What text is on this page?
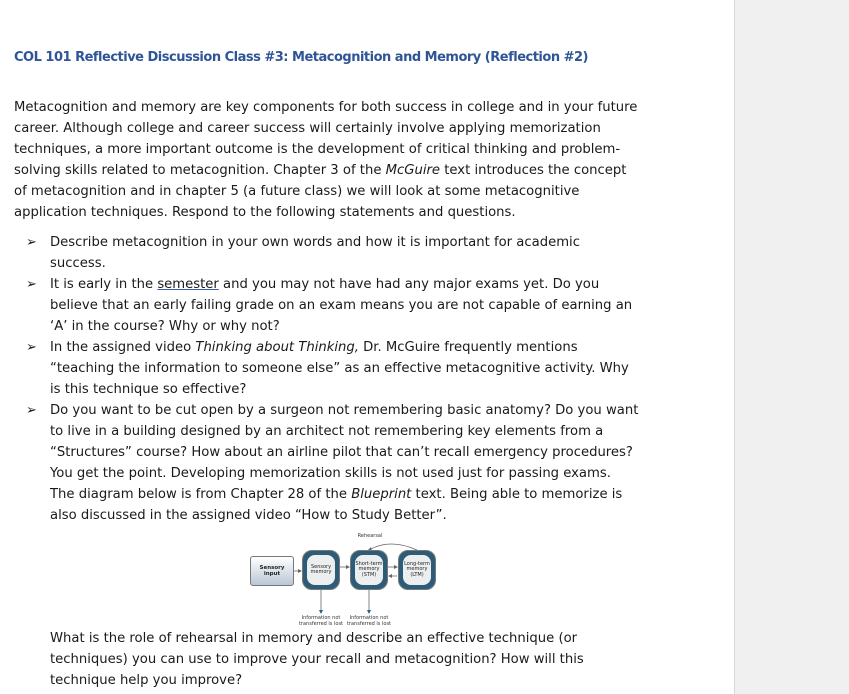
COL 101 Reflective Discussion Class #3: Metacognition and Memory (Reflection #2)

Metacognition and memory are key components for both success in college and in your future career. Although college and career success will certainly involve applying memorization techniques, a more important outcome is the development of critical thinking and problem-solving skills related to metacognition. Chapter 3 of the McGuire text introduces the concept of metacognition and in chapter 5 (a future class) we will look at some metacognitive application techniques. Respond to the following statements and questions.

➢ Describe metacognition in your own words and how it is important for academic success.
➢ It is early in the semester and you may not have had any major exams yet. Do you believe that an early failing grade on an exam means you are not capable of earning an ‘A’ in the course? Why or why not?
➢ In the assigned video Thinking about Thinking, Dr. McGuire frequently mentions “teaching the information to someone else” as an effective metacognitive activity. Why is this technique so effective?
➢ Do you want to be cut open by a surgeon not remembering basic anatomy? Do you want to live in a building designed by an architect not remembering key elements from a “Structures” course? How about an airline pilot that can’t recall emergency procedures? You get the point. Developing memorization skills is not used just for passing exams. The diagram below is from Chapter 28 of the Blueprint text. Being able to memorize is also discussed in the assigned video “How to Study Better”.
Rehearsal
Sensory input
Sensory memory
Short-term memory (STM)
Long-term memory (LTM)
Information not transferred is lost
Information not transferred is lost

What is the role of rehearsal in memory and describe an effective technique (or techniques) you can use to improve your recall and metacognition? How will this technique help you improve?
